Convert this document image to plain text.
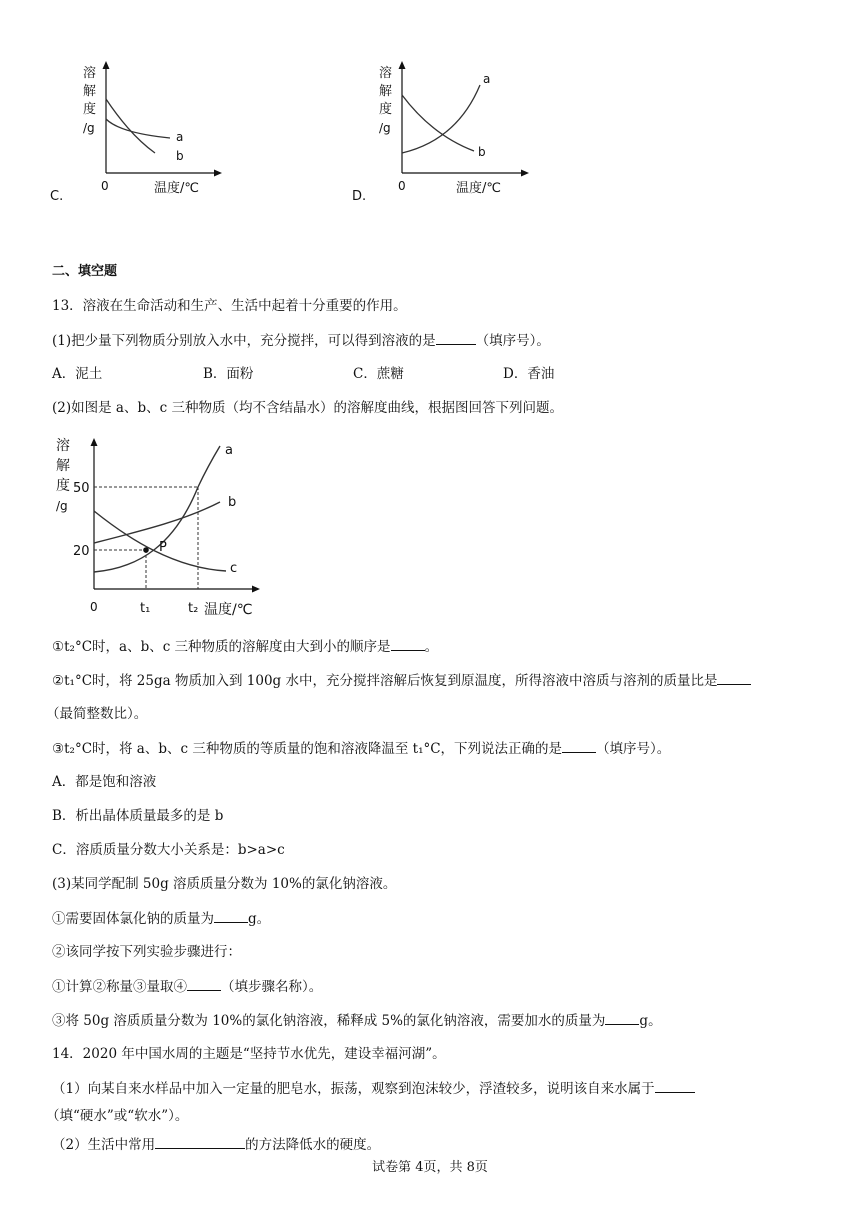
溶
解
度
/g
a
b
0	温度/℃
C.
溶
解
度
/g
a
b
0	温度/℃
D.
二、填空题
13．溶液在生命活动和生产、生活中起着十分重要的作用。
(1)把少量下列物质分别放入水中，充分搅拌，可以得到溶液的是	（填序号）。
A．泥土	B．面粉	C．蔗糖	D．香油
(2)如图是 a、b、c 三种物质（均不含结晶水）的溶解度曲线，根据图回答下列问题。
溶
解
度
/g
50
20
0	t₁	t₂ 温度/℃
a
b
c
P
①t₂°C时，a、b、c 三种物质的溶解度由大到小的顺序是	。
②t₁°C时，将 25ga 物质加入到 100g 水中，充分搅拌溶解后恢复到原温度，所得溶液中溶质与溶剂的质量比是
（最简整数比）。
③t₂°C时，将 a、b、c 三种物质的等质量的饱和溶液降温至 t₁°C，下列说法正确的是	（填序号）。
A．都是饱和溶液
B．析出晶体质量最多的是 b
C．溶质质量分数大小关系是：b>a>c
(3)某同学配制 50g 溶质质量分数为 10%的氯化钠溶液。
①需要固体氯化钠的质量为	g。
②该同学按下列实验步骤进行：
①计算②称量③量取④	（填步骤名称）。
③将 50g 溶质质量分数为 10%的氯化钠溶液，稀释成 5%的氯化钠溶液，需要加水的质量为	g。
14．2020 年中国水周的主题是“坚持节水优先，建设幸福河湖”。
（1）向某自来水样品中加入一定量的肥皂水，振荡，观察到泡沫较少，浮渣较多，说明该自来水属于
（填“硬水”或“软水”）。
（2）生活中常用	的方法降低水的硬度。
试卷第 4页，共 8页
